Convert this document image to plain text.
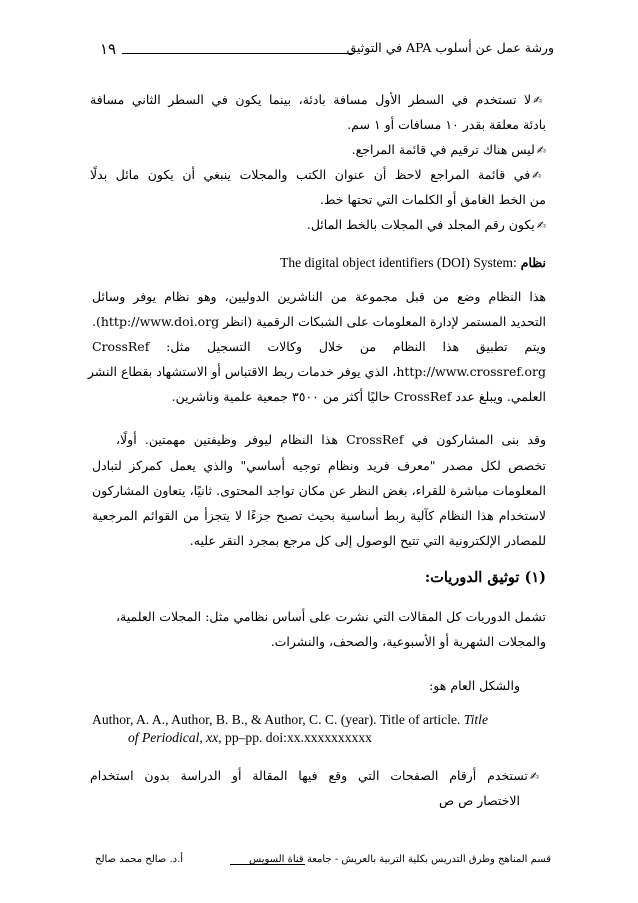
١٩	ورشة عمل عن أسلوب APA في التوثيق
✍لا تستخدم في السطر الأول مسافة بادئة، بينما يكون في السطر الثاني مسافة
بادئة معلقة بقدر ١٠ مسافات أو ١ سم.
✍ليس هناك ترقيم في قائمة المراجع.
✍في قائمة المراجع لاحظ أن عنوان الكتب والمجلات ينبغي أن يكون مائل بدلًا
من الخط الغامق أو الكلمات التي تحتها خط.
✍يكون رقم المجلد في المجلات بالخط المائل.
نظام The digital object identifiers (DOI) System:
هذا النظام وضع من قبل مجموعة من الناشرين الدوليين، وهو نظام يوفر وسائل
التحديد المستمر لإدارة المعلومات على الشبكات الرقمية (انظر http://www.doi.org).
ويتم تطبيق هذا النظام من خلال وكالات التسجيل مثل: CrossRef
http://www.crossref.org، الذي يوفر خدمات ربط الاقتباس أو الاستشهاد بقطاع النشر
العلمي. ويبلغ عدد CrossRef حاليًا أكثر من ٣٥٠٠ جمعية علمية وناشرين.
وقد بنى المشاركون في CrossRef هذا النظام ليوفر وظيفتين مهمتين. أولًا،
تخصص لكل مصدر "معرف فريد ونظام توجيه أساسي" والذي يعمل كمركز لتبادل
المعلومات مباشرة للقراء، بغض النظر عن مكان تواجد المحتوى. ثانيًا، يتعاون المشاركون
لاستخدام هذا النظام كآلية ربط أساسية بحيث تصبح جزءًا لا يتجزأ من القوائم المرجعية
للمصادر الإلكترونية التي تتيح الوصول إلى كل مرجع بمجرد النقر عليه.
(١) توثيق الدوريات:
تشمل الدوريات كل المقالات التي نشرت على أساس نظامي مثل: المجلات العلمية،
والمجلات الشهرية أو الأسبوعية، والصحف، والنشرات.
والشكل العام هو:
Author, A. A., Author, B. B., & Author, C. C. (year). Title of article. Title
of Periodical, xx, pp–pp. doi:xx.xxxxxxxxxx
✍تستخدم أرقام الصفحات التي وقع فيها المقالة أو الدراسة بدون استخدام
الاختصار ص ص
أ.د. صالح محمد صالح	قسم المناهج وطرق التدريس بكلية التربية بالعريش - جامعة قناة السويس
